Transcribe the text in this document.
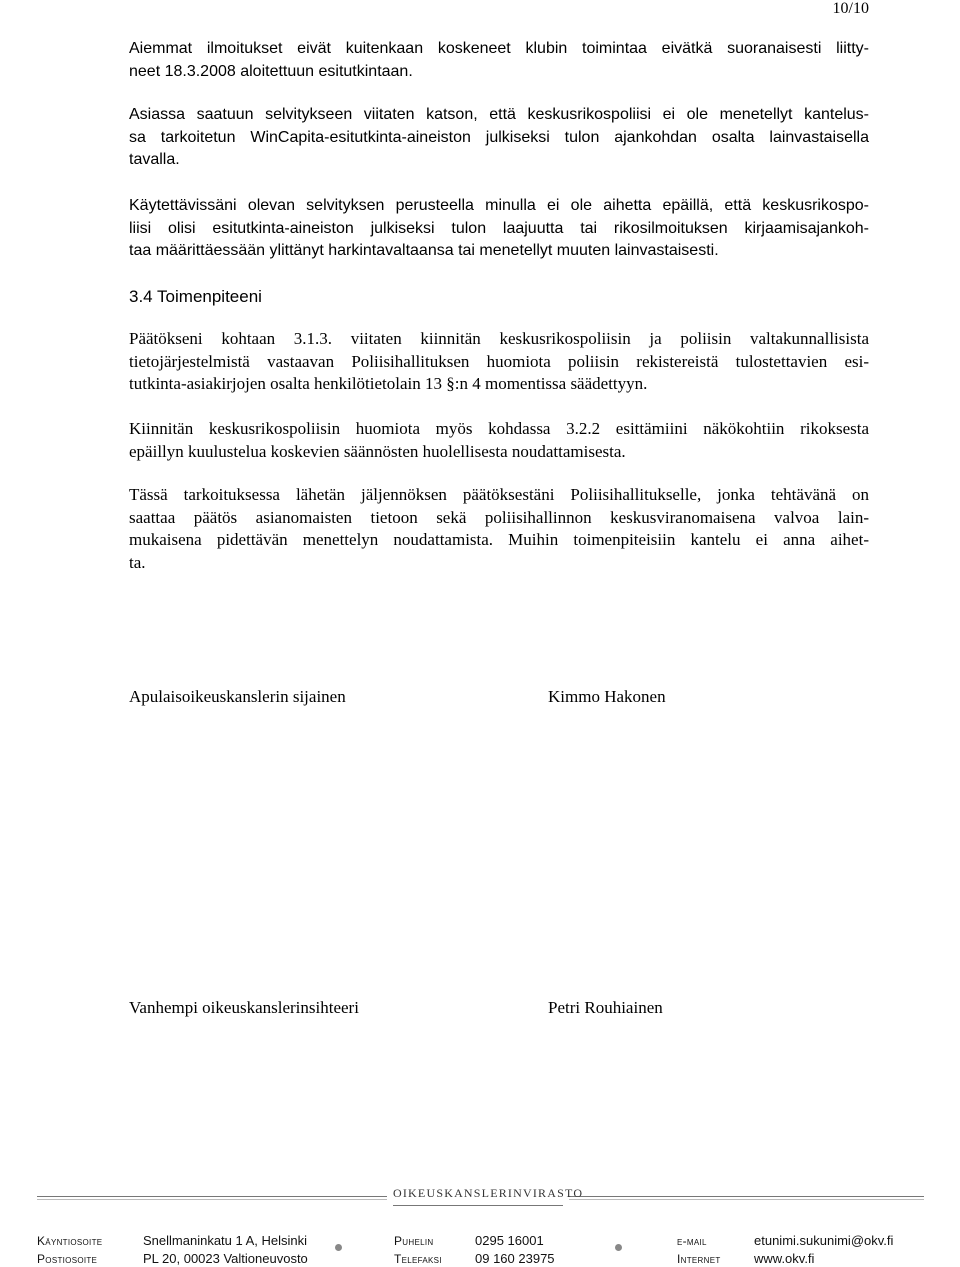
10/10
Aiemmat ilmoitukset eivät kuitenkaan koskeneet klubin toimintaa eivätkä suoranaisesti liitty-
neet 18.3.2008 aloitettuun esitutkintaan.
Asiassa saatuun selvitykseen viitaten katson, että keskusrikospoliisi ei ole menetellyt kantelus-
sa tarkoitetun WinCapita-esitutkinta-aineiston julkiseksi tulon ajankohdan osalta lainvastaisella
tavalla.
Käytettävissäni olevan selvityksen perusteella minulla ei ole aihetta epäillä, että keskusrikospo-
liisi olisi esitutkinta-aineiston julkiseksi tulon laajuutta tai rikosilmoituksen kirjaamisajankoh-
taa määrittäessään ylittänyt harkintavaltaansa tai menetellyt muuten lainvastaisesti.
3.4 Toimenpiteeni
Päätökseni kohtaan 3.1.3. viitaten kiinnitän keskusrikospoliisin ja poliisin valtakunnallisista
tietojärjestelmistä vastaavan Poliisihallituksen huomiota poliisin rekistereistä tulostettavien esi-
tutkinta-asiakirjojen osalta henkilötietolain 13 §:n 4 momentissa säädettyyn.
Kiinnitän keskusrikospoliisin huomiota myös kohdassa 3.2.2 esittämiini näkökohtiin rikoksesta
epäillyn kuulustelua koskevien säännösten huolellisesta noudattamisesta.
Tässä tarkoituksessa lähetän jäljennöksen päätöksestäni Poliisihallitukselle, jonka tehtävänä on
saattaa päätös asianomaisten tietoon sekä poliisihallinnon keskusviranomaisena valvoa lain-
mukaisena pidettävän menettelyn noudattamista. Muihin toimenpiteisiin kantelu ei anna aihet-
ta.
Apulaisoikeuskanslerin sijainen	Kimmo Hakonen
Vanhempi oikeuskanslerinsihteeri	Petri Rouhiainen
OIKEUSKANSLERINVIRASTO
Käyntiosoite	Snellmaninkatu 1 A, Helsinki
Postiosoite	PL 20, 00023 Valtioneuvosto
Puhelin	0295 16001
Telefaksi	09 160 23975
e-mail	etunimi.sukunimi@okv.fi
Internet	www.okv.fi
